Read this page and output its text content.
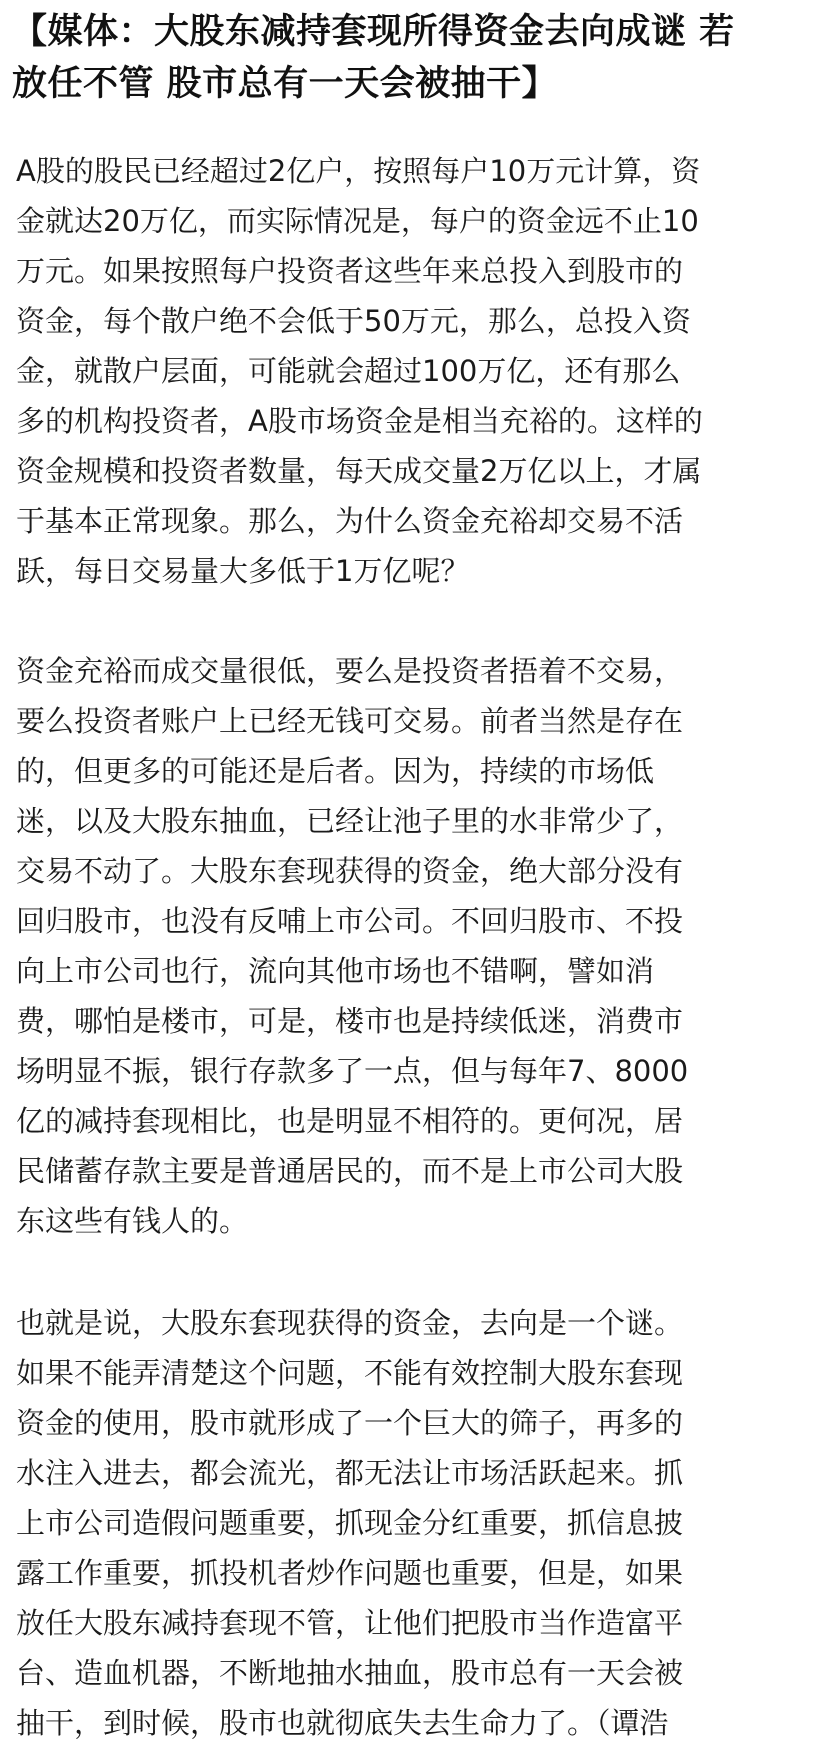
【媒体：大股东减持套现所得资金去向成谜 若
放任不管 股市总有一天会被抽干】

A股的股民已经超过2亿户，按照每户10万元计算，资
金就达20万亿，而实际情况是，每户的资金远不止10
万元。如果按照每户投资者这些年来总投入到股市的
资金，每个散户绝不会低于50万元，那么，总投入资
金，就散户层面，可能就会超过100万亿，还有那么
多的机构投资者，A股市场资金是相当充裕的。这样的
资金规模和投资者数量，每天成交量2万亿以上，才属
于基本正常现象。那么，为什么资金充裕却交易不活
跃，每日交易量大多低于1万亿呢？

资金充裕而成交量很低，要么是投资者捂着不交易，
要么投资者账户上已经无钱可交易。前者当然是存在
的，但更多的可能还是后者。因为，持续的市场低
迷，以及大股东抽血，已经让池子里的水非常少了，
交易不动了。大股东套现获得的资金，绝大部分没有
回归股市，也没有反哺上市公司。不回归股市、不投
向上市公司也行，流向其他市场也不错啊，譬如消
费，哪怕是楼市，可是，楼市也是持续低迷，消费市
场明显不振，银行存款多了一点，但与每年7、8000
亿的减持套现相比，也是明显不相符的。更何况，居
民储蓄存款主要是普通居民的，而不是上市公司大股
东这些有钱人的。

也就是说，大股东套现获得的资金，去向是一个谜。
如果不能弄清楚这个问题，不能有效控制大股东套现
资金的使用，股市就形成了一个巨大的筛子，再多的
水注入进去，都会流光，都无法让市场活跃起来。抓
上市公司造假问题重要，抓现金分红重要，抓信息披
露工作重要，抓投机者炒作问题也重要，但是，如果
放任大股东减持套现不管，让他们把股市当作造富平
台、造血机器，不断地抽水抽血，股市总有一天会被
抽干，到时候，股市也就彻底失去生命力了。（谭浩
